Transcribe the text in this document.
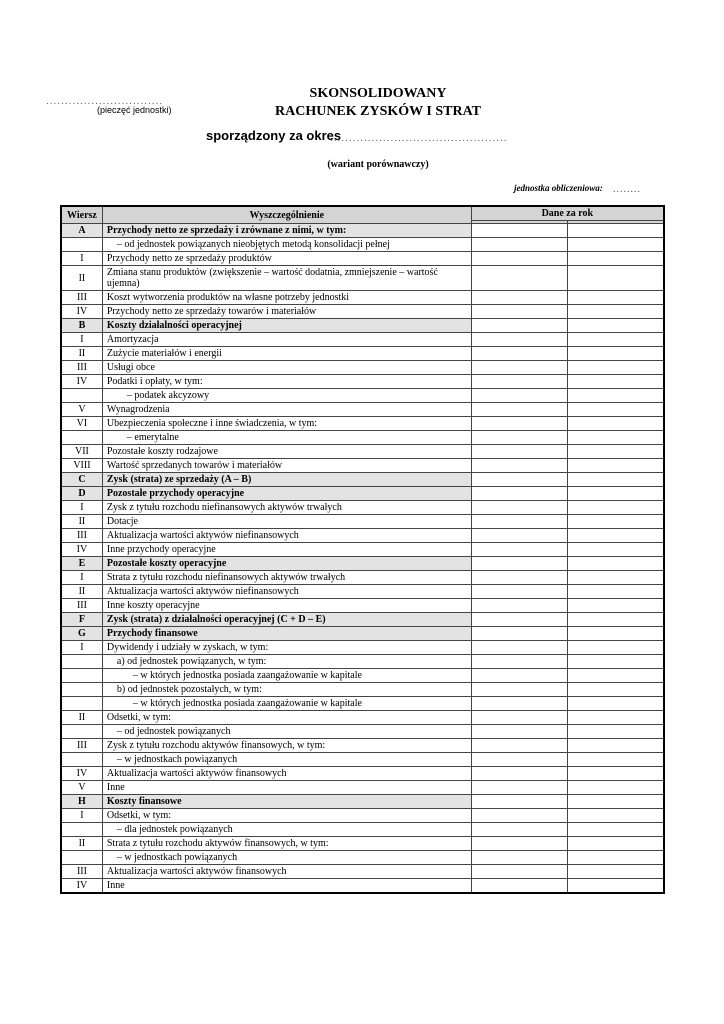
...............................
(pieczęć jednostki)
SKONSOLIDOWANY
RACHUNEK ZYSKÓW I STRAT
sporządzony za okres
...............................................
(wariant porównawczy)
jednostka obliczeniowa: ........
Wiersz	Wyszczególnienie	Dane za rok	

A	Przychody netto ze sprzedaży i zrównane z nimi, w tym:		
	– od jednostek powiązanych nieobjętych metodą konsolidacji pełnej		
I	Przychody netto ze sprzedaży produktów		
II	Zmiana stanu produktów (zwiększenie – wartość dodatnia, zmniejszenie – wartość ujemna)		
III	Koszt wytworzenia produktów na własne potrzeby jednostki		
IV	Przychody netto ze sprzedaży towarów i materiałów		
B	Koszty działalności operacyjnej		
I	Amortyzacja		
II	Zużycie materiałów i energii		
III	Usługi obce		
IV	Podatki i opłaty, w tym:		
	– podatek akcyzowy		
V	Wynagrodzenia		
VI	Ubezpieczenia społeczne i inne świadczenia, w tym:		
	– emerytalne		
VII	Pozostałe koszty rodzajowe		
VIII	Wartość sprzedanych towarów i materiałów		
C	Zysk (strata) ze sprzedaży (A – B)		
D	Pozostałe przychody operacyjne		
I	Zysk z tytułu rozchodu niefinansowych aktywów trwałych		
II	Dotacje		
III	Aktualizacja wartości aktywów niefinansowych		
IV	Inne przychody operacyjne		
E	Pozostałe koszty operacyjne		
I	Strata z tytułu rozchodu niefinansowych aktywów trwałych		
II	Aktualizacja wartości aktywów niefinansowych		
III	Inne koszty operacyjne		
F	Zysk (strata) z działalności operacyjnej (C + D – E)		
G	Przychody finansowe		
I	Dywidendy i udziały w zyskach, w tym:		
	a) od jednostek powiązanych, w tym:		
	– w których jednostka posiada zaangażowanie w kapitale		
	b) od jednostek pozostałych, w tym:		
	– w których jednostka posiada zaangażowanie w kapitale		
II	Odsetki, w tym:		
	– od jednostek powiązanych		
III	Zysk z tytułu rozchodu aktywów finansowych, w tym:		
	– w jednostkach powiązanych		
IV	Aktualizacja wartości aktywów finansowych		
V	Inne		
H	Koszty finansowe		
I	Odsetki, w tym:		
	– dla jednostek powiązanych		
II	Strata z tytułu rozchodu aktywów finansowych, w tym:		
	– w jednostkach powiązanych		
III	Aktualizacja wartości aktywów finansowych		
IV	Inne		
